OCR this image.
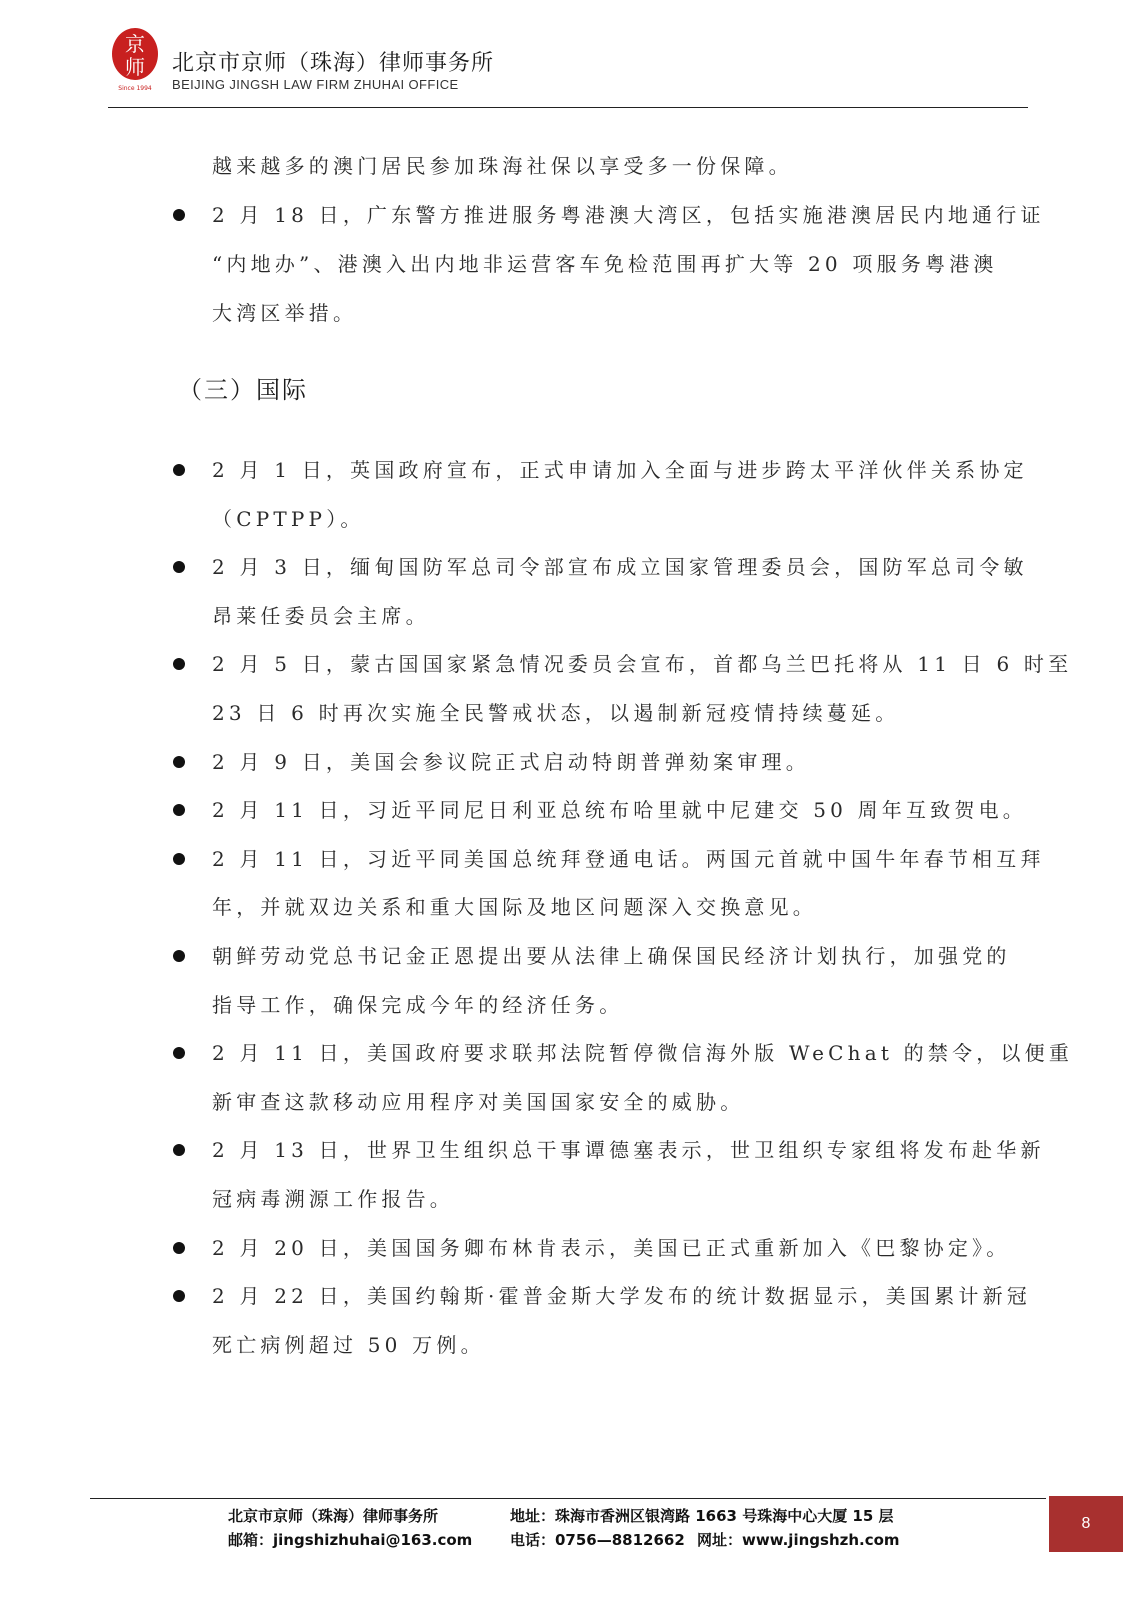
京
师
Since 1994
北京市京师（珠海）律师事务所
BEIJING JINGSH LAW FIRM ZHUHAI OFFICE
越来越多的澳门居民参加珠海社保以享受多一份保障。
2 月 18 日，广东警方推进服务粤港澳大湾区，包括实施港澳居民内地通行证
“内地办”、港澳入出内地非运营客车免检范围再扩大等 20 项服务粤港澳
大湾区举措。
（三）国际
2 月 1 日，英国政府宣布，正式申请加入全面与进步跨太平洋伙伴关系协定
（CPTPP）。
2 月 3 日，缅甸国防军总司令部宣布成立国家管理委员会，国防军总司令敏
昂莱任委员会主席。
2 月 5 日，蒙古国国家紧急情况委员会宣布，首都乌兰巴托将从 11 日 6 时至
23 日 6 时再次实施全民警戒状态，以遏制新冠疫情持续蔓延。
2 月 9 日，美国会参议院正式启动特朗普弹劾案审理。
2 月 11 日，习近平同尼日利亚总统布哈里就中尼建交 50 周年互致贺电。
2 月 11 日，习近平同美国总统拜登通电话。两国元首就中国牛年春节相互拜
年，并就双边关系和重大国际及地区问题深入交换意见。
朝鲜劳动党总书记金正恩提出要从法律上确保国民经济计划执行，加强党的
指导工作，确保完成今年的经济任务。
2 月 11 日，美国政府要求联邦法院暂停微信海外版 WeChat 的禁令，以便重
新审查这款移动应用程序对美国国家安全的威胁。
2 月 13 日，世界卫生组织总干事谭德塞表示，世卫组织专家组将发布赴华新
冠病毒溯源工作报告。
2 月 20 日，美国国务卿布林肯表示，美国已正式重新加入《巴黎协定》。
2 月 22 日，美国约翰斯·霍普金斯大学发布的统计数据显示，美国累计新冠
死亡病例超过 50 万例。
北京市京师（珠海）律师事务所
邮箱：jingshizhuhai@163.com
地址：珠海市香洲区银湾路 1663 号珠海中心大厦 15 层
电话：0756—8812662 网址：www.jingshzh.com
8
